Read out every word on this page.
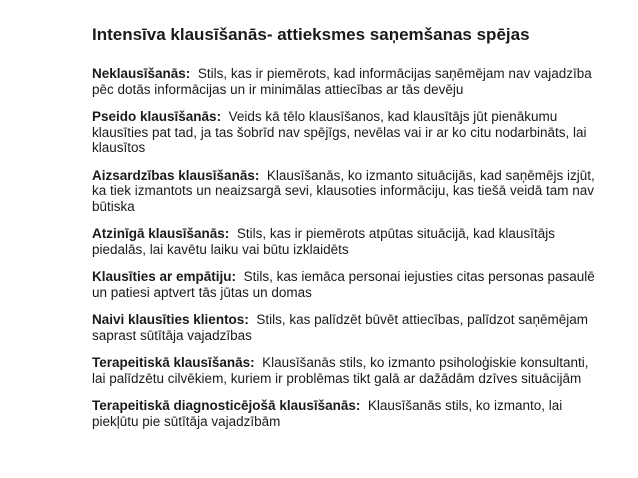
Intensīva klausīšanās- attieksmes saņemšanas spējas

Neklausīšanās: Stils, kas ir piemērots, kad informācijas saņēmējam nav vajadzība pēc dotās informācijas un ir minimālas attiecības ar tās devēju

Pseido klausīšanās: Veids kā tēlo klausīšanos, kad klausītājs jūt pienākumu klausīties pat tad, ja tas šobrīd nav spējīgs, nevēlas vai ir ar ko citu nodarbināts, lai klausītos

Aizsardzības klausīšanās: Klausīšanās, ko izmanto situācijās, kad saņēmējs izjūt, ka tiek izmantots un neaizsargā sevi, klausoties informāciju, kas tiešā veidā tam nav būtiska

Atzinīgā klausīšanās: Stils, kas ir piemērots atpūtas situācijā, kad klausītājs piedalās, lai kavētu laiku vai būtu izklaidēts

Klausīties ar empātiju: Stils, kas iemāca personai iejusties citas personas pasaulē un patiesi aptvert tās jūtas un domas

Naivi klausīties klientos: Stils, kas palīdzēt būvēt attiecības, palīdzot saņēmējam saprast sūtītāja vajadzības

Terapeitiskā klausīšanās: Klausīšanās stils, ko izmanto psiholoģiskie konsultanti, lai palīdzētu cilvēkiem, kuriem ir problēmas tikt galā ar dažādām dzīves situācijām

Terapeitiskā diagnosticējošā klausīšanās: Klausīšanās stils, ko izmanto, lai piekļūtu pie sūtītāja vajadzībām
